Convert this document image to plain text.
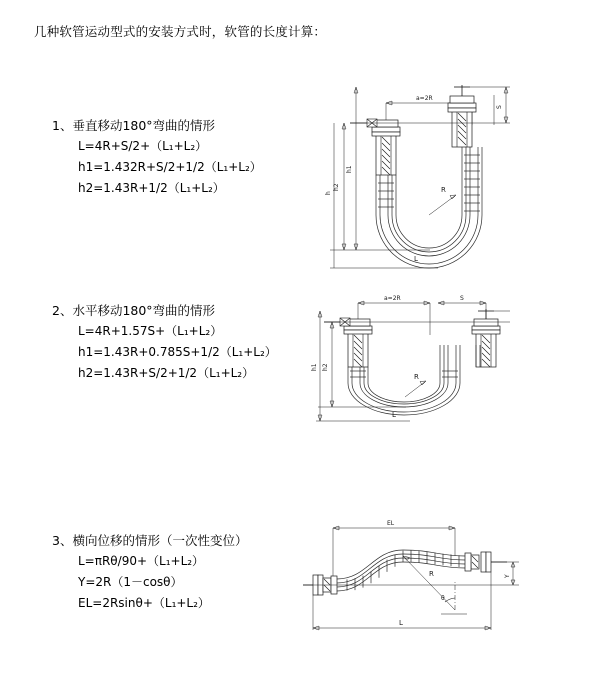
几种软管运动型式的安装方式时，软管的长度计算：
1、垂直移动180°弯曲的情形
L=4R+S/2+（L₁+L₂）
h1=1.432R+S/2+1/2（L₁+L₂）
h2=1.43R+1/2（L₁+L₂）
a=2R
R
h2
h1
h
S
L
2、水平移动180°弯曲的情形
L=4R+1.57S+（L₁+L₂）
h1=1.43R+0.785S+1/2（L₁+L₂）
h2=1.43R+S/2+1/2（L₁+L₂）
a=2R	S
R
h2
h1
L
3、横向位移的情形（一次性变位）
L=πRθ/90+（L₁+L₂）
Y=2R（1－cosθ）
EL=2Rsinθ+（L₁+L₂）
EL
R
θ
Y
L
